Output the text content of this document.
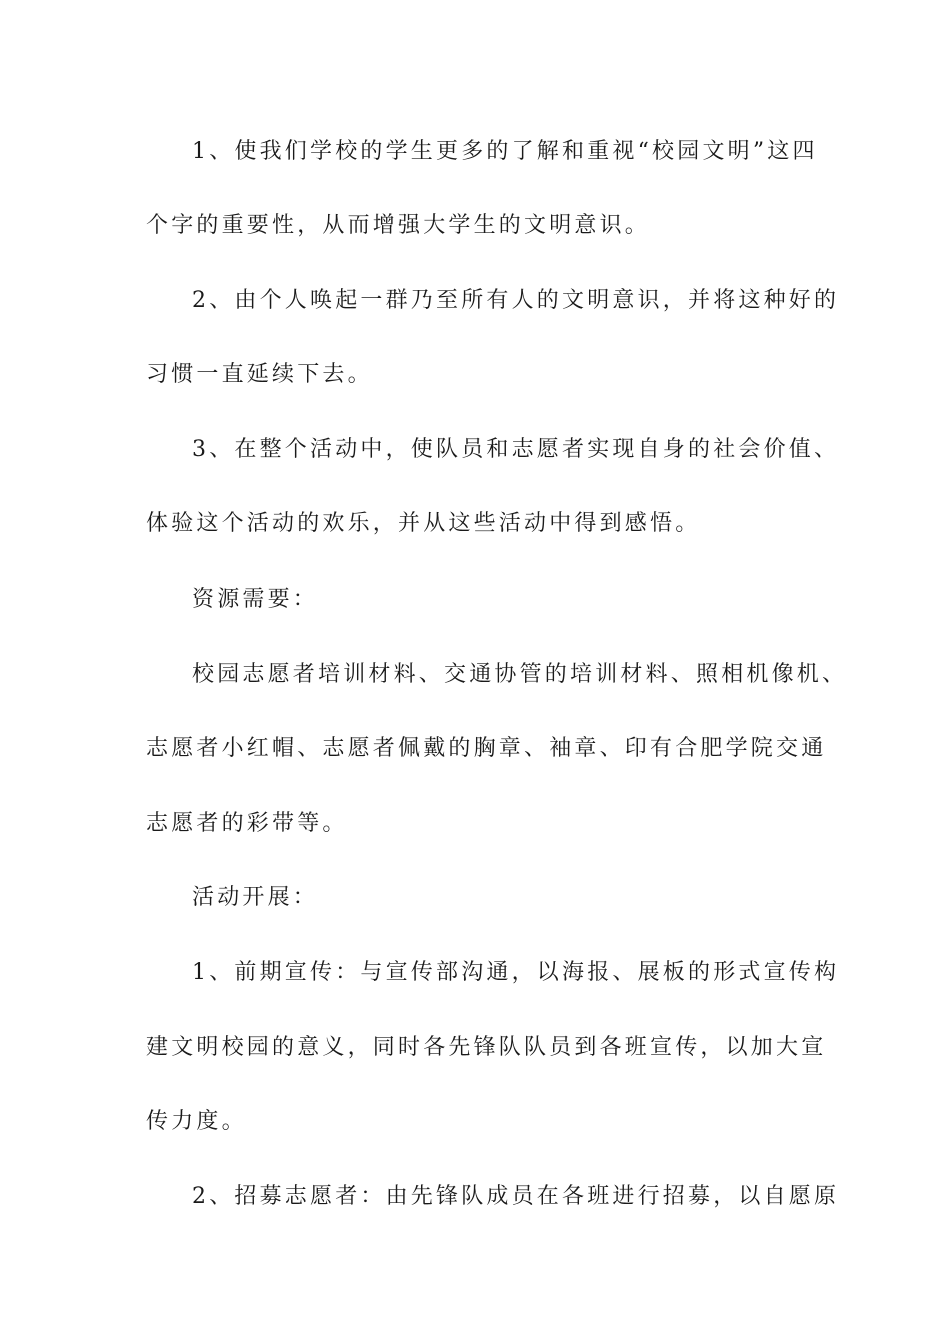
1、使我们学校的学生更多的了解和重视“校园文明”这四
个字的重要性，从而增强大学生的文明意识。
2、由个人唤起一群乃至所有人的文明意识，并将这种好的
习惯一直延续下去。
3、在整个活动中，使队员和志愿者实现自身的社会价值、
体验这个活动的欢乐，并从这些活动中得到感悟。
资源需要：
校园志愿者培训材料、交通协管的培训材料、照相机像机、
志愿者小红帽、志愿者佩戴的胸章、袖章、印有合肥学院交通
志愿者的彩带等。
活动开展：
1、前期宣传：与宣传部沟通，以海报、展板的形式宣传构
建文明校园的意义，同时各先锋队队员到各班宣传，以加大宣
传力度。
2、招募志愿者：由先锋队成员在各班进行招募，以自愿原
